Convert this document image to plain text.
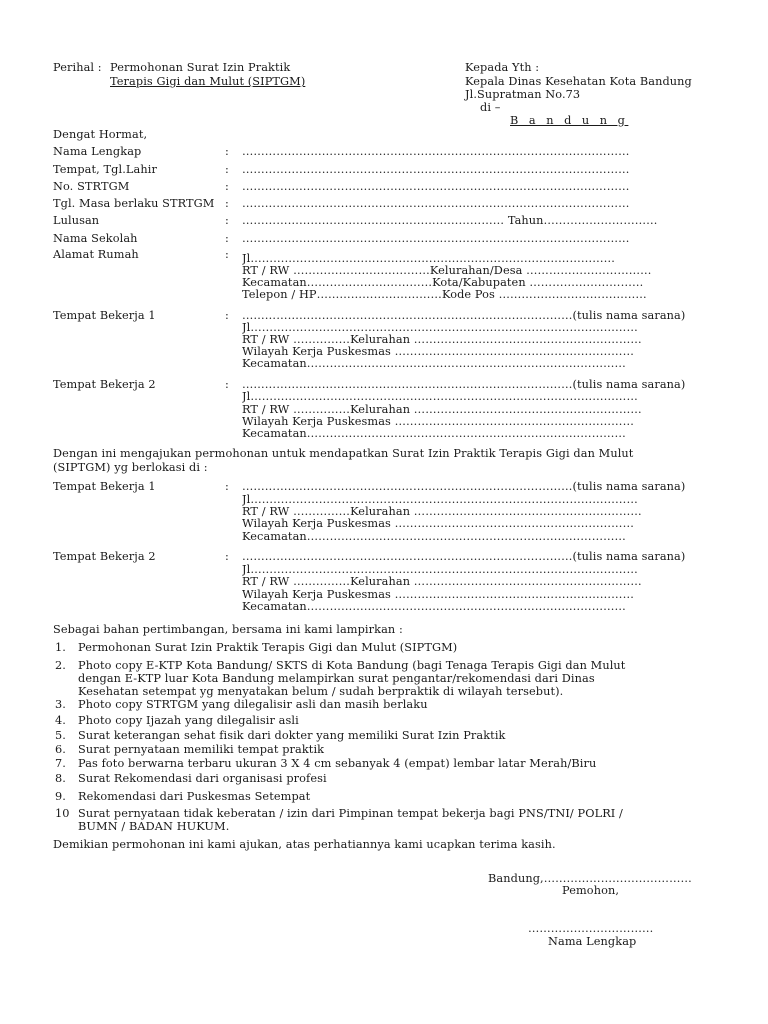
Perihal : Permohonan Surat Izin Praktik
Terapis Gigi dan Mulut (SIPTGM)
Kepada Yth :
Kepala Dinas Kesehatan Kota Bandung
Jl.Supratman No.73
di –
B a n d u n g
Dengat Hormat,
Nama Lengkap	: …………………………………………………………………………………………
Tempat, Tgl.Lahir	: …………………………………………………………………………………………
No. STRTGM	: …………………………………………………………………………………………
Tgl. Masa berlaku STRTGM : …………………………………………………………………………………………
Lulusan	: …………………………………………………………… Tahun…………………………
Nama Sekolah	: …………………………………………………………………………………………
Alamat Rumah	: Jl……………………………………………………………………………………
RT / RW ………………………………Kelurahan/Desa ……………………………
Kecamatan……………………………Kota/Kabupaten …………………………
Telepon / HP……………………………Kode Pos …………………………………
Tempat Bekerja 1	: ……………………………………………………………………………(tulis nama sarana)
Jl…………………………………………………………………………………………
RT / RW ……………Kelurahan ……………………………………………………
Wilayah Kerja Puskesmas ………………………………………………………
Kecamatan…………………………………………………………………………
Tempat Bekerja 2	: ……………………………………………………………………………(tulis nama sarana)
Jl…………………………………………………………………………………………
RT / RW ……………Kelurahan ……………………………………………………
Wilayah Kerja Puskesmas ………………………………………………………
Kecamatan…………………………………………………………………………
Dengan ini mengajukan permohonan untuk mendapatkan Surat Izin Praktik Terapis Gigi dan Mulut
(SIPTGM) yg berlokasi di :
Tempat Bekerja 1	: ……………………………………………………………………………(tulis nama sarana)
Jl…………………………………………………………………………………………
RT / RW ……………Kelurahan ……………………………………………………
Wilayah Kerja Puskesmas ………………………………………………………
Kecamatan…………………………………………………………………………
Tempat Bekerja 2	: ……………………………………………………………………………(tulis nama sarana)
Jl…………………………………………………………………………………………
RT / RW ……………Kelurahan ……………………………………………………
Wilayah Kerja Puskesmas ………………………………………………………
Kecamatan…………………………………………………………………………
Sebagai bahan pertimbangan, bersama ini kami lampirkan :
1. Permohonan Surat Izin Praktik Terapis Gigi dan Mulut (SIPTGM)
2. Photo copy E-KTP Kota Bandung/ SKTS di Kota Bandung (bagi Tenaga Terapis Gigi dan Mulut
dengan E-KTP luar Kota Bandung melampirkan surat pengantar/rekomendasi dari Dinas
Kesehatan setempat yg menyatakan belum / sudah berpraktik di wilayah tersebut).
3. Photo copy STRTGM yang dilegalisir asli dan masih berlaku
4. Photo copy Ijazah yang dilegalisir asli
5. Surat keterangan sehat fisik dari dokter yang memiliki Surat Izin Praktik
6. Surat pernyataan memiliki tempat praktik
7. Pas foto berwarna terbaru ukuran 3 X 4 cm sebanyak 4 (empat) lembar latar Merah/Biru
8. Surat Rekomendasi dari organisasi profesi
9. Rekomendasi dari Puskesmas Setempat
10 Surat pernyataan tidak keberatan / izin dari Pimpinan tempat bekerja bagi PNS/TNI/ POLRI /
BUMN / BADAN HUKUM.
Demikian permohonan ini kami ajukan, atas perhatiannya kami ucapkan terima kasih.
Bandung,…………………………………
Pemohon,
……………………………
Nama Lengkap
